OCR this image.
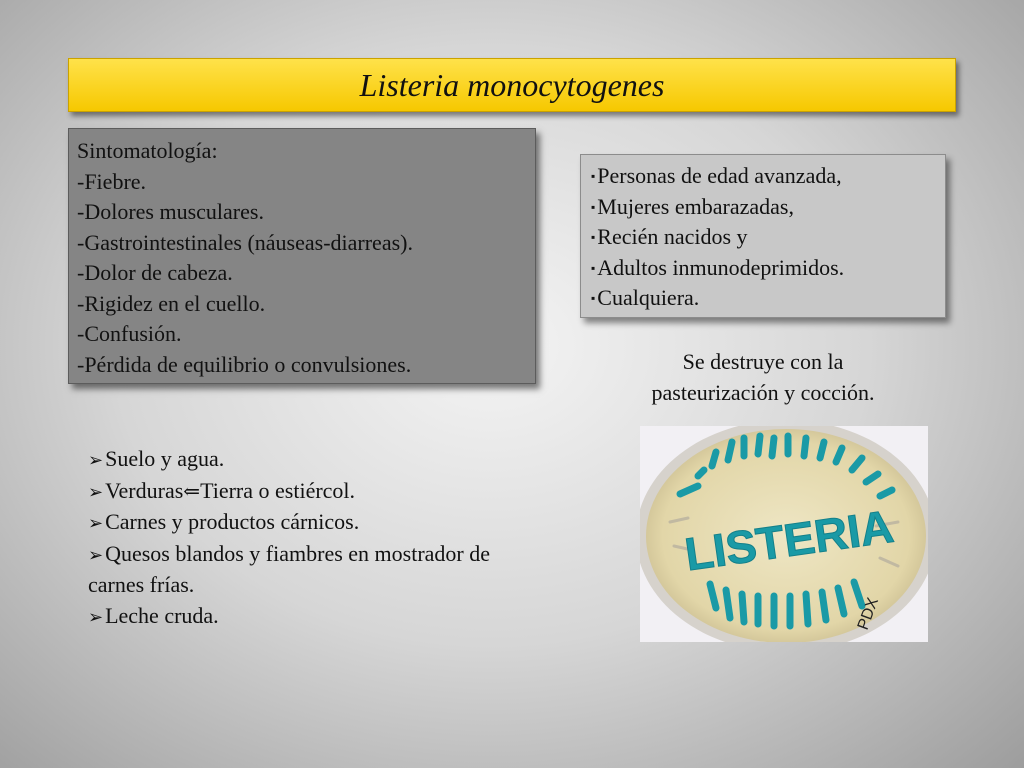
Listeria monocytogenes
Sintomatología:
-Fiebre.
-Dolores musculares.
-Gastrointestinales (náuseas-diarreas).
-Dolor de cabeza.
-Rigidez en el cuello.
-Confusión.
-Pérdida de equilibrio o convulsiones.
▪Personas de edad avanzada,
▪Mujeres embarazadas,
▪Recién nacidos y
▪Adultos inmunodeprimidos.
▪Cualquiera.
Se destruye con la
pasteurización y cocción.
➢Suelo y agua.
➢Verduras⇐Tierra o estiércol.
➢Carnes y productos cárnicos.
➢Quesos blandos y fiambres en mostrador de
carnes frías.
➢Leche cruda.
LISTERIA
PDX
